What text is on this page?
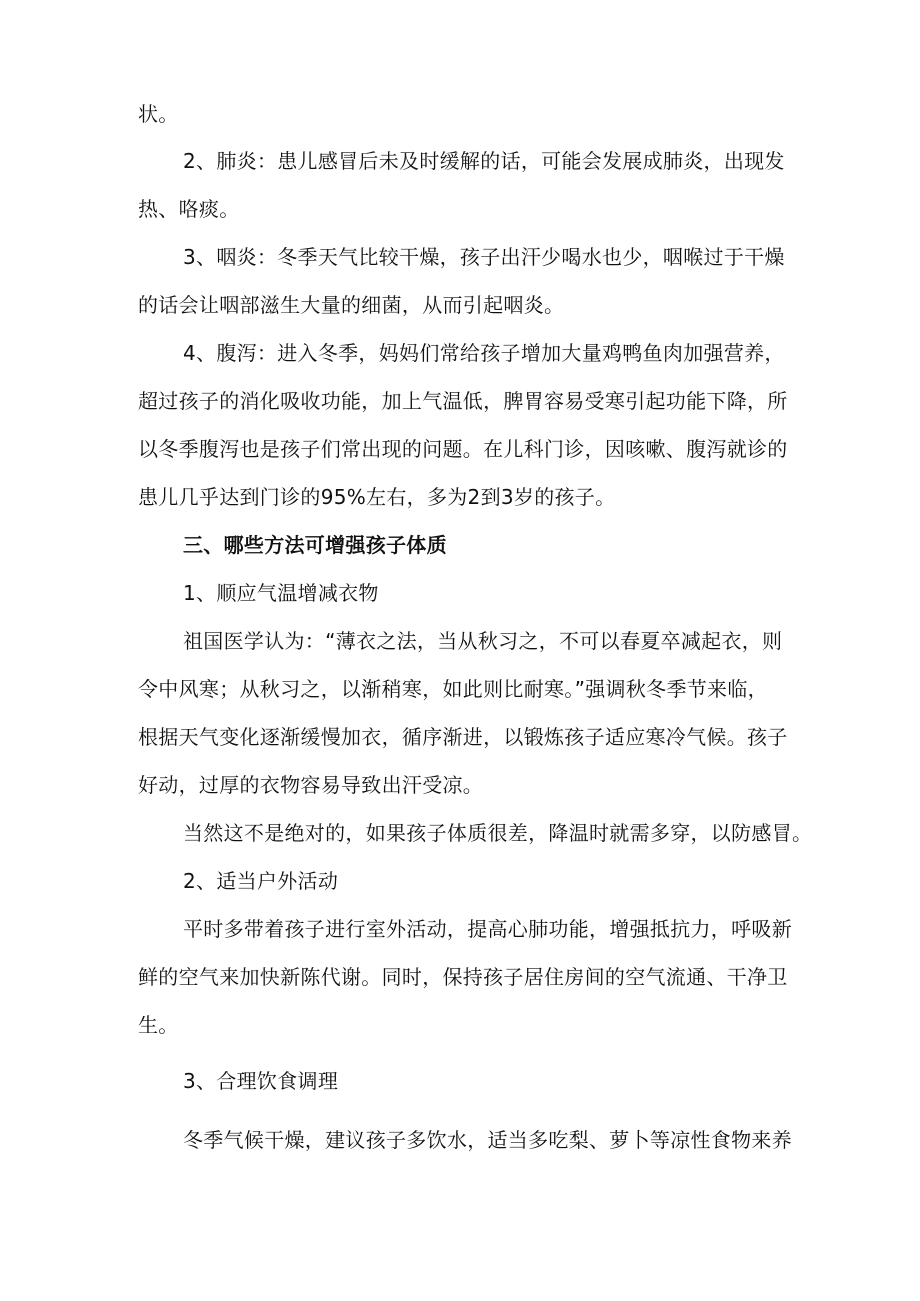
状。
2、肺炎：患儿感冒后未及时缓解的话，可能会发展成肺炎，出现发
热、咯痰。
3、咽炎：冬季天气比较干燥，孩子出汗少喝水也少，咽喉过于干燥
的话会让咽部滋生大量的细菌，从而引起咽炎。
4、腹泻：进入冬季，妈妈们常给孩子增加大量鸡鸭鱼肉加强营养，
超过孩子的消化吸收功能，加上气温低，脾胃容易受寒引起功能下降，所
以冬季腹泻也是孩子们常出现的问题。在儿科门诊，因咳嗽、腹泻就诊的
患儿几乎达到门诊的95%左右，多为2到3岁的孩子。
三、哪些方法可增强孩子体质
1、顺应气温增减衣物
祖国医学认为：“薄衣之法，当从秋习之，不可以春夏卒减起衣，则
令中风寒；从秋习之，以渐稍寒，如此则比耐寒。”强调秋冬季节来临，
根据天气变化逐渐缓慢加衣，循序渐进，以锻炼孩子适应寒冷气候。孩子
好动，过厚的衣物容易导致出汗受凉。
当然这不是绝对的，如果孩子体质很差，降温时就需多穿，以防感冒。
2、适当户外活动
平时多带着孩子进行室外活动，提高心肺功能，增强抵抗力，呼吸新
鲜的空气来加快新陈代谢。同时，保持孩子居住房间的空气流通、干净卫
生。
3、合理饮食调理
冬季气候干燥，建议孩子多饮水，适当多吃梨、萝卜等凉性食物来养
